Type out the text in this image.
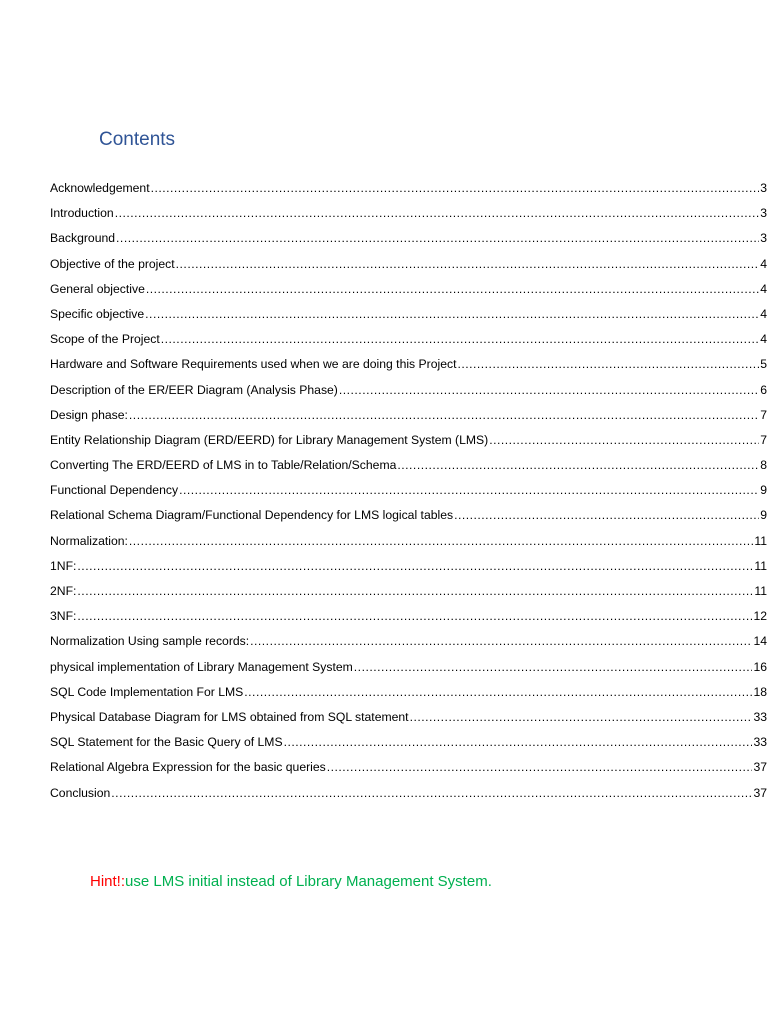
Contents
Acknowledgement .....	3
Introduction .....	3
Background .....	3
Objective of the project .....	4
General objective .....	4
Specific objective .....	4
Scope of the Project .....	4
Hardware and Software Requirements used when we are doing this Project .....	5
Description of the ER/EER Diagram (Analysis Phase) .....	6
Design phase: .....	7
Entity Relationship Diagram (ERD/EERD) for Library Management System (LMS) .....	7
Converting The ERD/EERD of LMS in to Table/Relation/Schema .....	8
Functional Dependency .....	9
Relational Schema Diagram/Functional Dependency for LMS logical tables .....	9
Normalization: .....	11
1NF: .....	11
2NF: .....	11
3NF: .....	12
Normalization Using sample records: .....	14
physical implementation of Library Management System .....	16
SQL Code Implementation For LMS .....	18
Physical Database Diagram for LMS obtained from SQL statement .....	33
SQL Statement for the Basic Query of LMS .....	33
Relational Algebra Expression for the basic queries .....	37
Conclusion .....	37

Hint!:use LMS initial instead of Library Management System.
